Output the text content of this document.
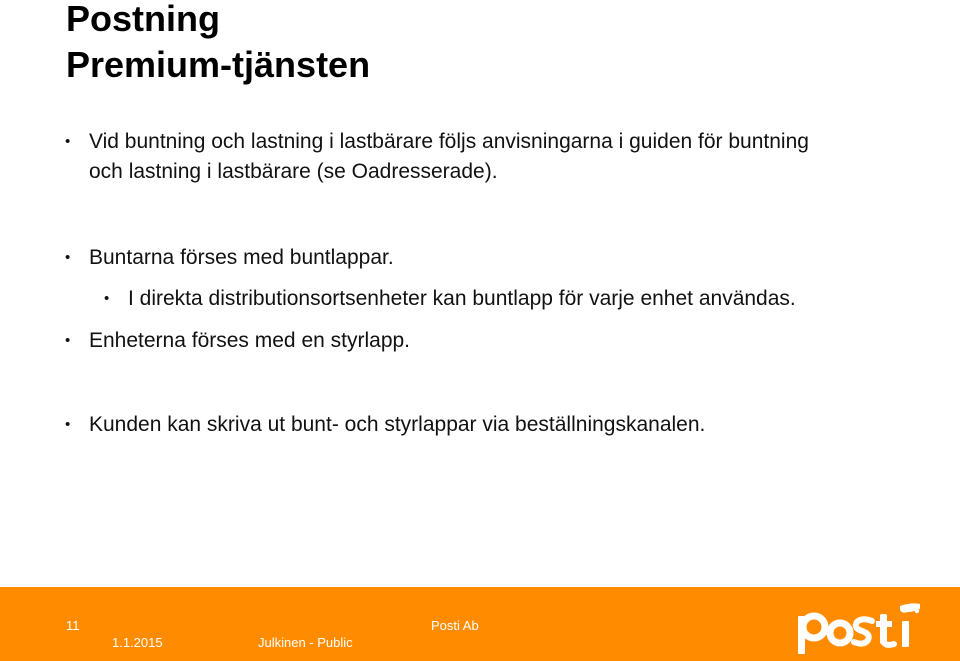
Postning
Premium-tjänsten
• Vid buntning och lastning i lastbärare följs anvisningarna i guiden för buntning
och lastning i lastbärare (se Oadresserade).
• Buntarna förses med buntlappar.
• I direkta distributionsortsenheter kan buntlapp för varje enhet användas.
• Enheterna förses med en styrlapp.
• Kunden kan skriva ut bunt- och styrlappar via beställningskanalen.
11	Posti Ab
1.1.2015	Julkinen - Public
